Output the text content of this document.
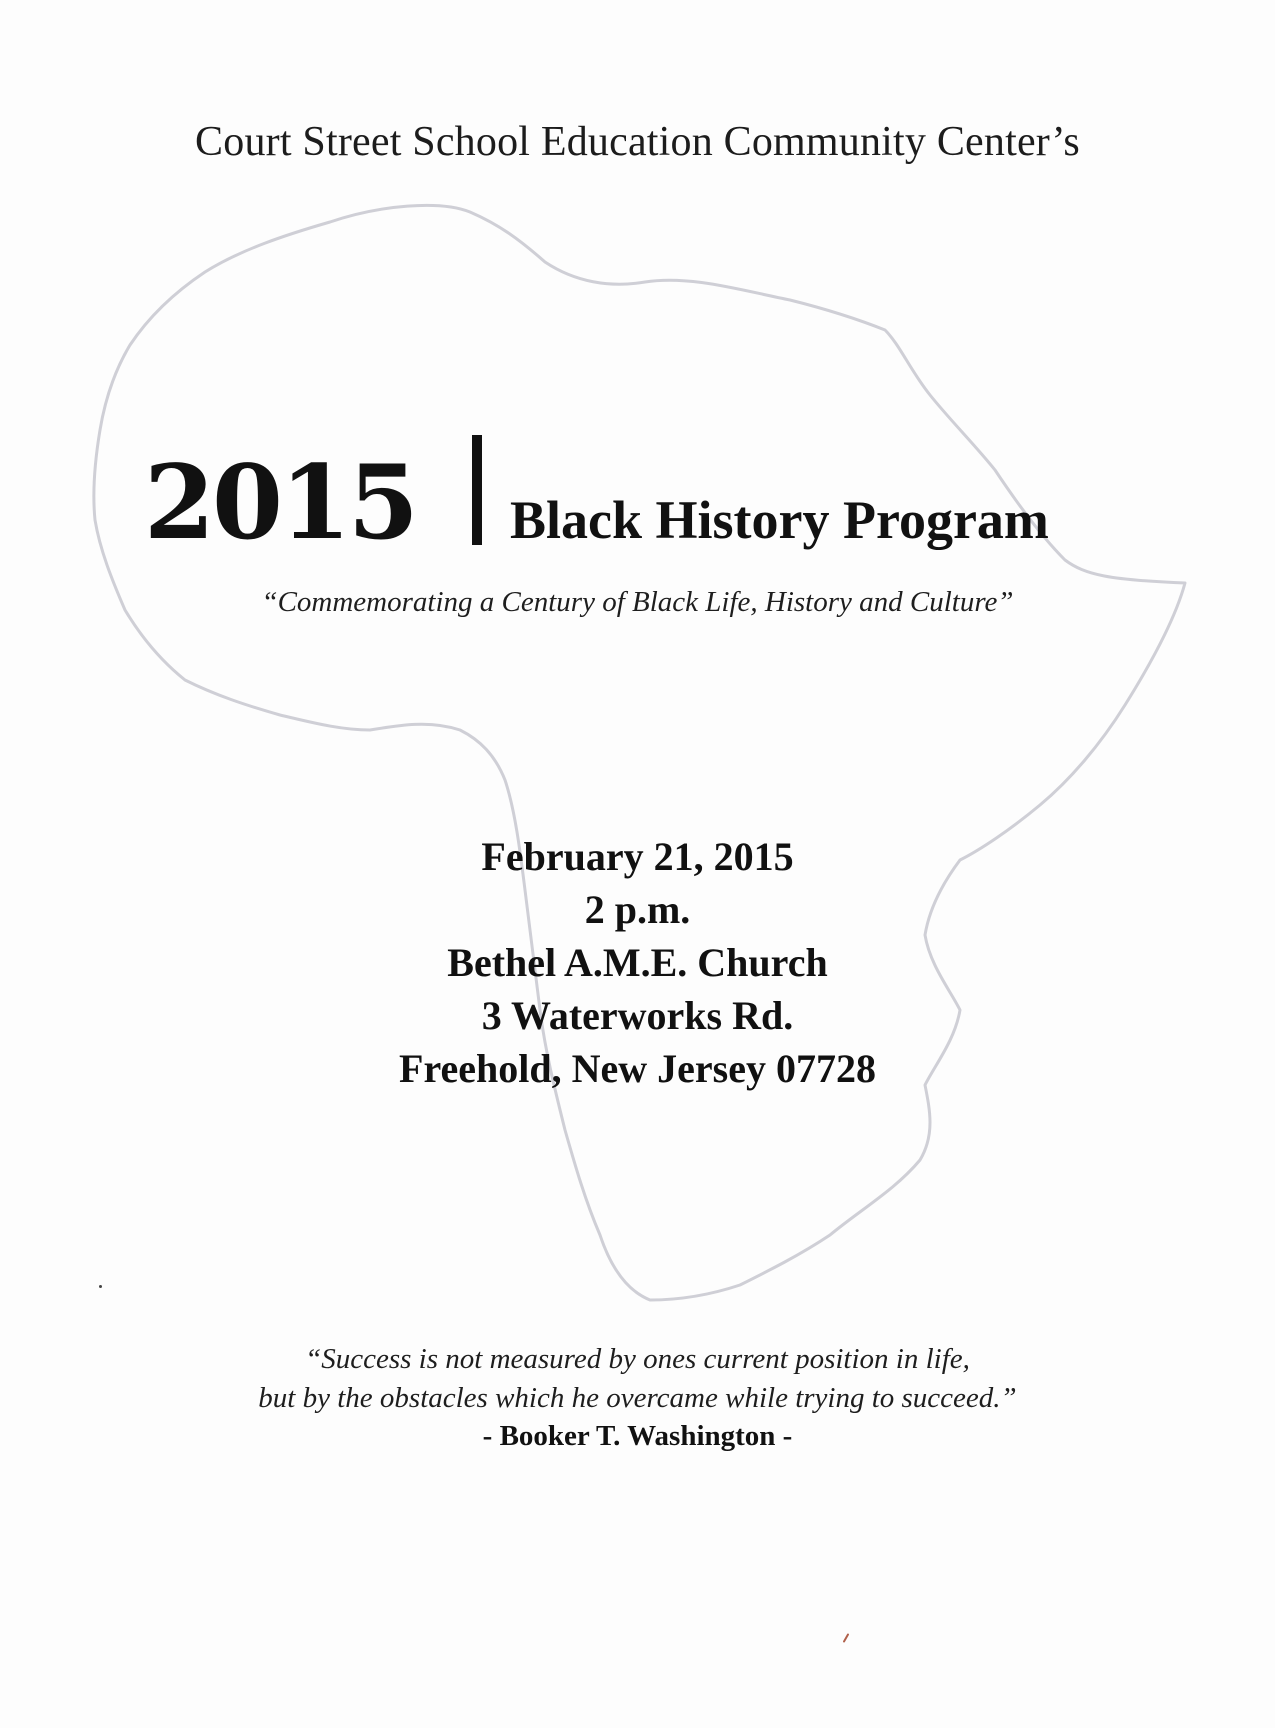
Court Street School Education Community Center’s
2015 Black History Program
“Commemorating a Century of Black Life, History and Culture”
February 21, 2015
2 p.m.
Bethel A.M.E. Church
3 Waterworks Rd.
Freehold, New Jersey 07728
“Success is not measured by ones current position in life,
but by the obstacles which he overcame while trying to succeed.”
- Booker T. Washington -
